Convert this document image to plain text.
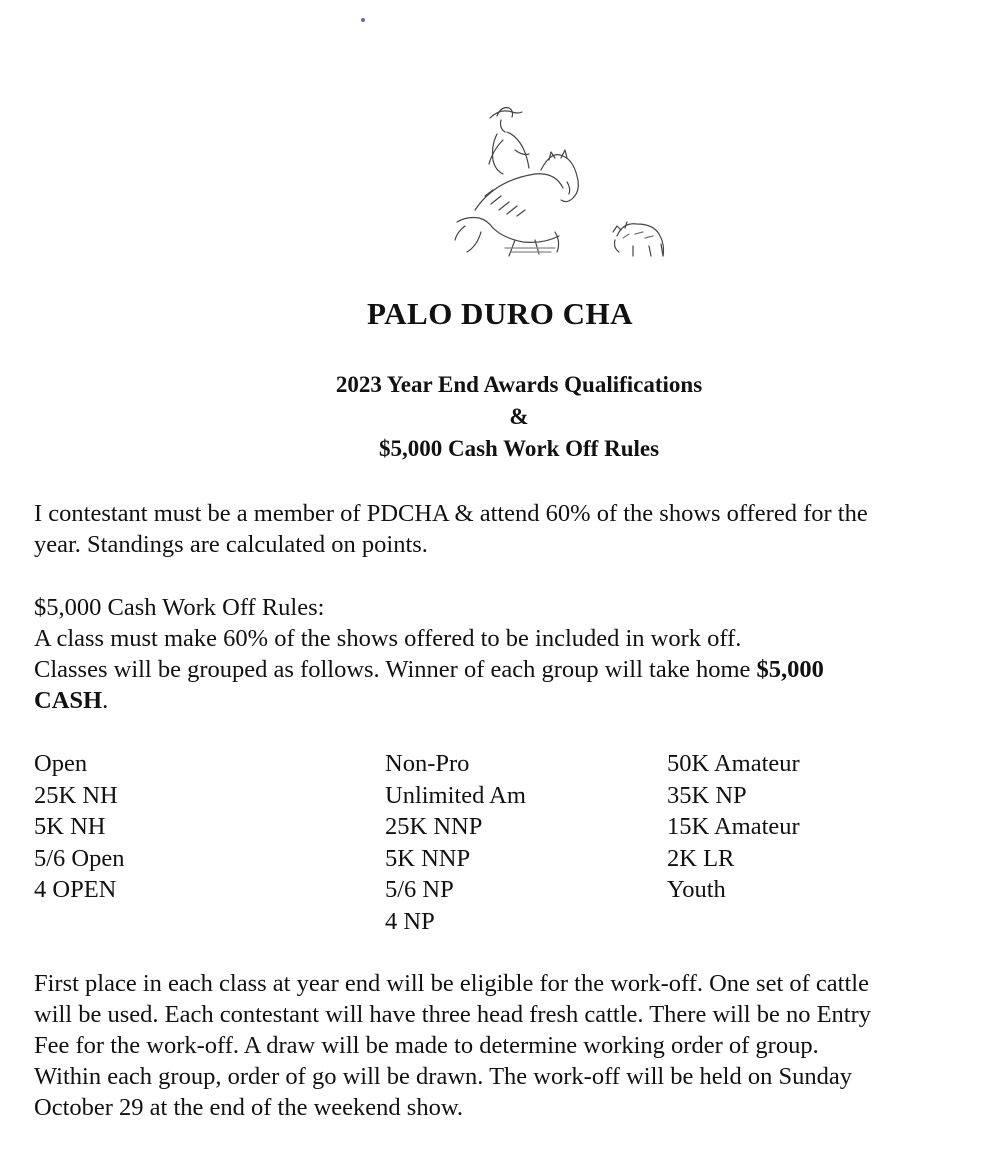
PALO DURO CHA
2023 Year End Awards Qualifications
&
$5,000 Cash Work Off Rules
I contestant must be a member of PDCHA & attend 60% of the shows offered for the
year. Standings are calculated on points.
$5,000 Cash Work Off Rules:
A class must make 60% of the shows offered to be included in work off.
Classes will be grouped as follows. Winner of each group will take home $5,000
CASH.
Open
25K NH
5K NH
5/6 Open
4 OPEN
Non-Pro
Unlimited Am
25K NNP
5K NNP
5/6 NP
4 NP
50K Amateur
35K NP
15K Amateur
2K LR
Youth
First place in each class at year end will be eligible for the work-off. One set of cattle
will be used. Each contestant will have three head fresh cattle. There will be no Entry
Fee for the work-off. A draw will be made to determine working order of group.
Within each group, order of go will be drawn. The work-off will be held on Sunday
October 29 at the end of the weekend show.
